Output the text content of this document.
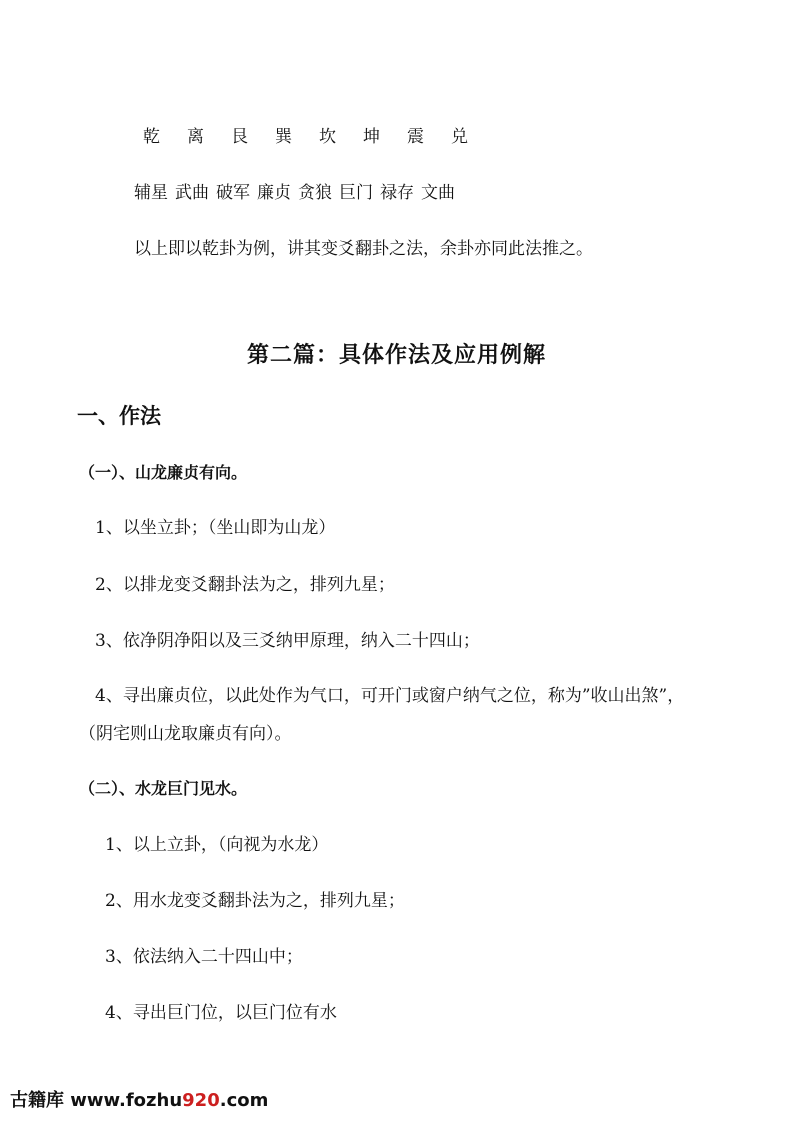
乾 离 艮 巽 坎 坤 震 兑
辅星 武曲 破军 廉贞 贪狼 巨门 禄存 文曲
以上即以乾卦为例，讲其变爻翻卦之法，余卦亦同此法推之。
第二篇：具体作法及应用例解
一、作法
（一）、山龙廉贞有向。
1、以坐立卦；（坐山即为山龙）
2、以排龙变爻翻卦法为之，排列九星；
3、依净阴净阳以及三爻纳甲原理，纳入二十四山；
4、寻出廉贞位，以此处作为气口，可开门或窗户纳气之位，称为”收山出煞”，
（阴宅则山龙取廉贞有向）。
（二）、水龙巨门见水。
1、以上立卦，（向视为水龙）
2、用水龙变爻翻卦法为之，排列九星；
3、依法纳入二十四山中；
4、寻出巨门位，以巨门位有水
古籍库 www.fozhu920.com
